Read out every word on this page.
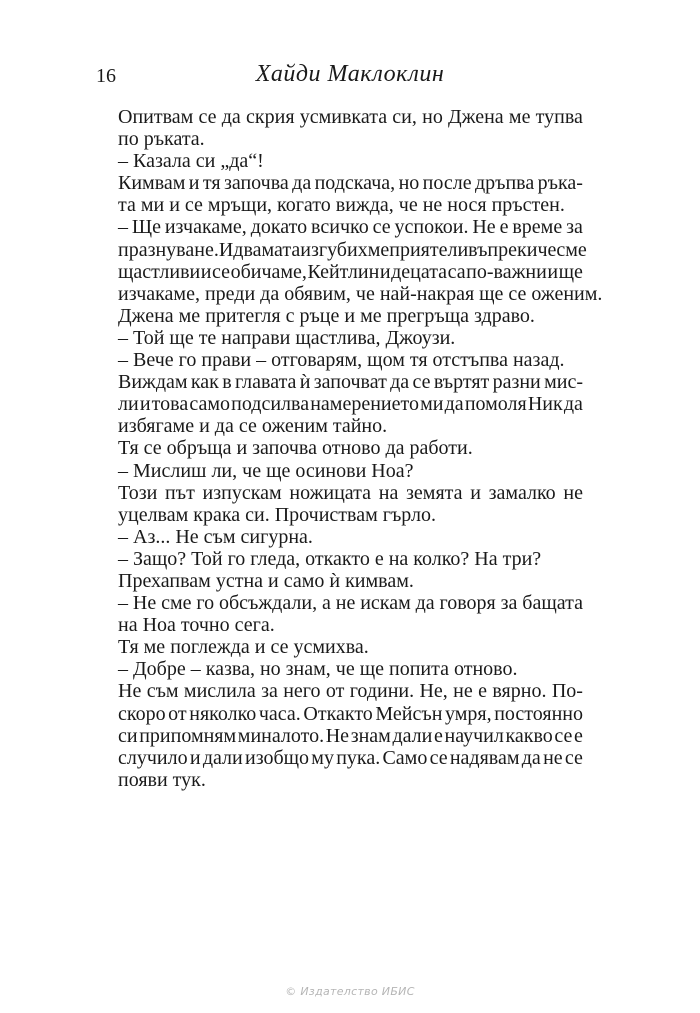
16	Хайди Маклоклин
Опитвам се да скрия усмивката си, но Джена ме тупва
по ръката.
– Казала си „да“!
Кимвам и тя започва да подскача, но после дръпва ръка-
та ми и се мръщи, когато вижда, че не нося пръстен.
– Ще изчакаме, докато всичко се успокои. Не е време за
празнуване. И двамата изгубихме приятел и въпреки че сме
щастливи и се обичаме, Кейтлин и децата са по-важни и ще
изчакаме, преди да обявим, че най-накрая ще се оженим.
Джена ме притегля с ръце и ме прегръща здраво.
– Той ще те направи щастлива, Джоузи.
– Вече го прави – отговарям, щом тя отстъпва назад.
Виждам как в главата ѝ започват да се въртят разни мис-
ли и това само подсилва намерението ми да помоля Ник да
избягаме и да се оженим тайно.
Тя се обръща и започва отново да работи.
– Мислиш ли, че ще осинови Ноа?
Този път изпускам ножицата на земята и замалко не
уцелвам крака си. Прочиствам гърло.
– Аз... Не съм сигурна.
– Защо? Той го гледа, откакто е на колко? На три?
Прехапвам устна и само ѝ кимвам.
– Не сме го обсъждали, а не искам да говоря за бащата
на Ноа точно сега.
Тя ме поглежда и се усмихва.
– Добре – казва, но знам, че ще попита отново.
Не съм мислила за него от години. Не, не е вярно. По-
скоро от няколко часа. Откакто Мейсън умря, постоянно
си припомням миналото. Не знам дали е научил какво се е
случило и дали изобщо му пука. Само се надявам да не се
появи тук.
© Издателство ИБИС
